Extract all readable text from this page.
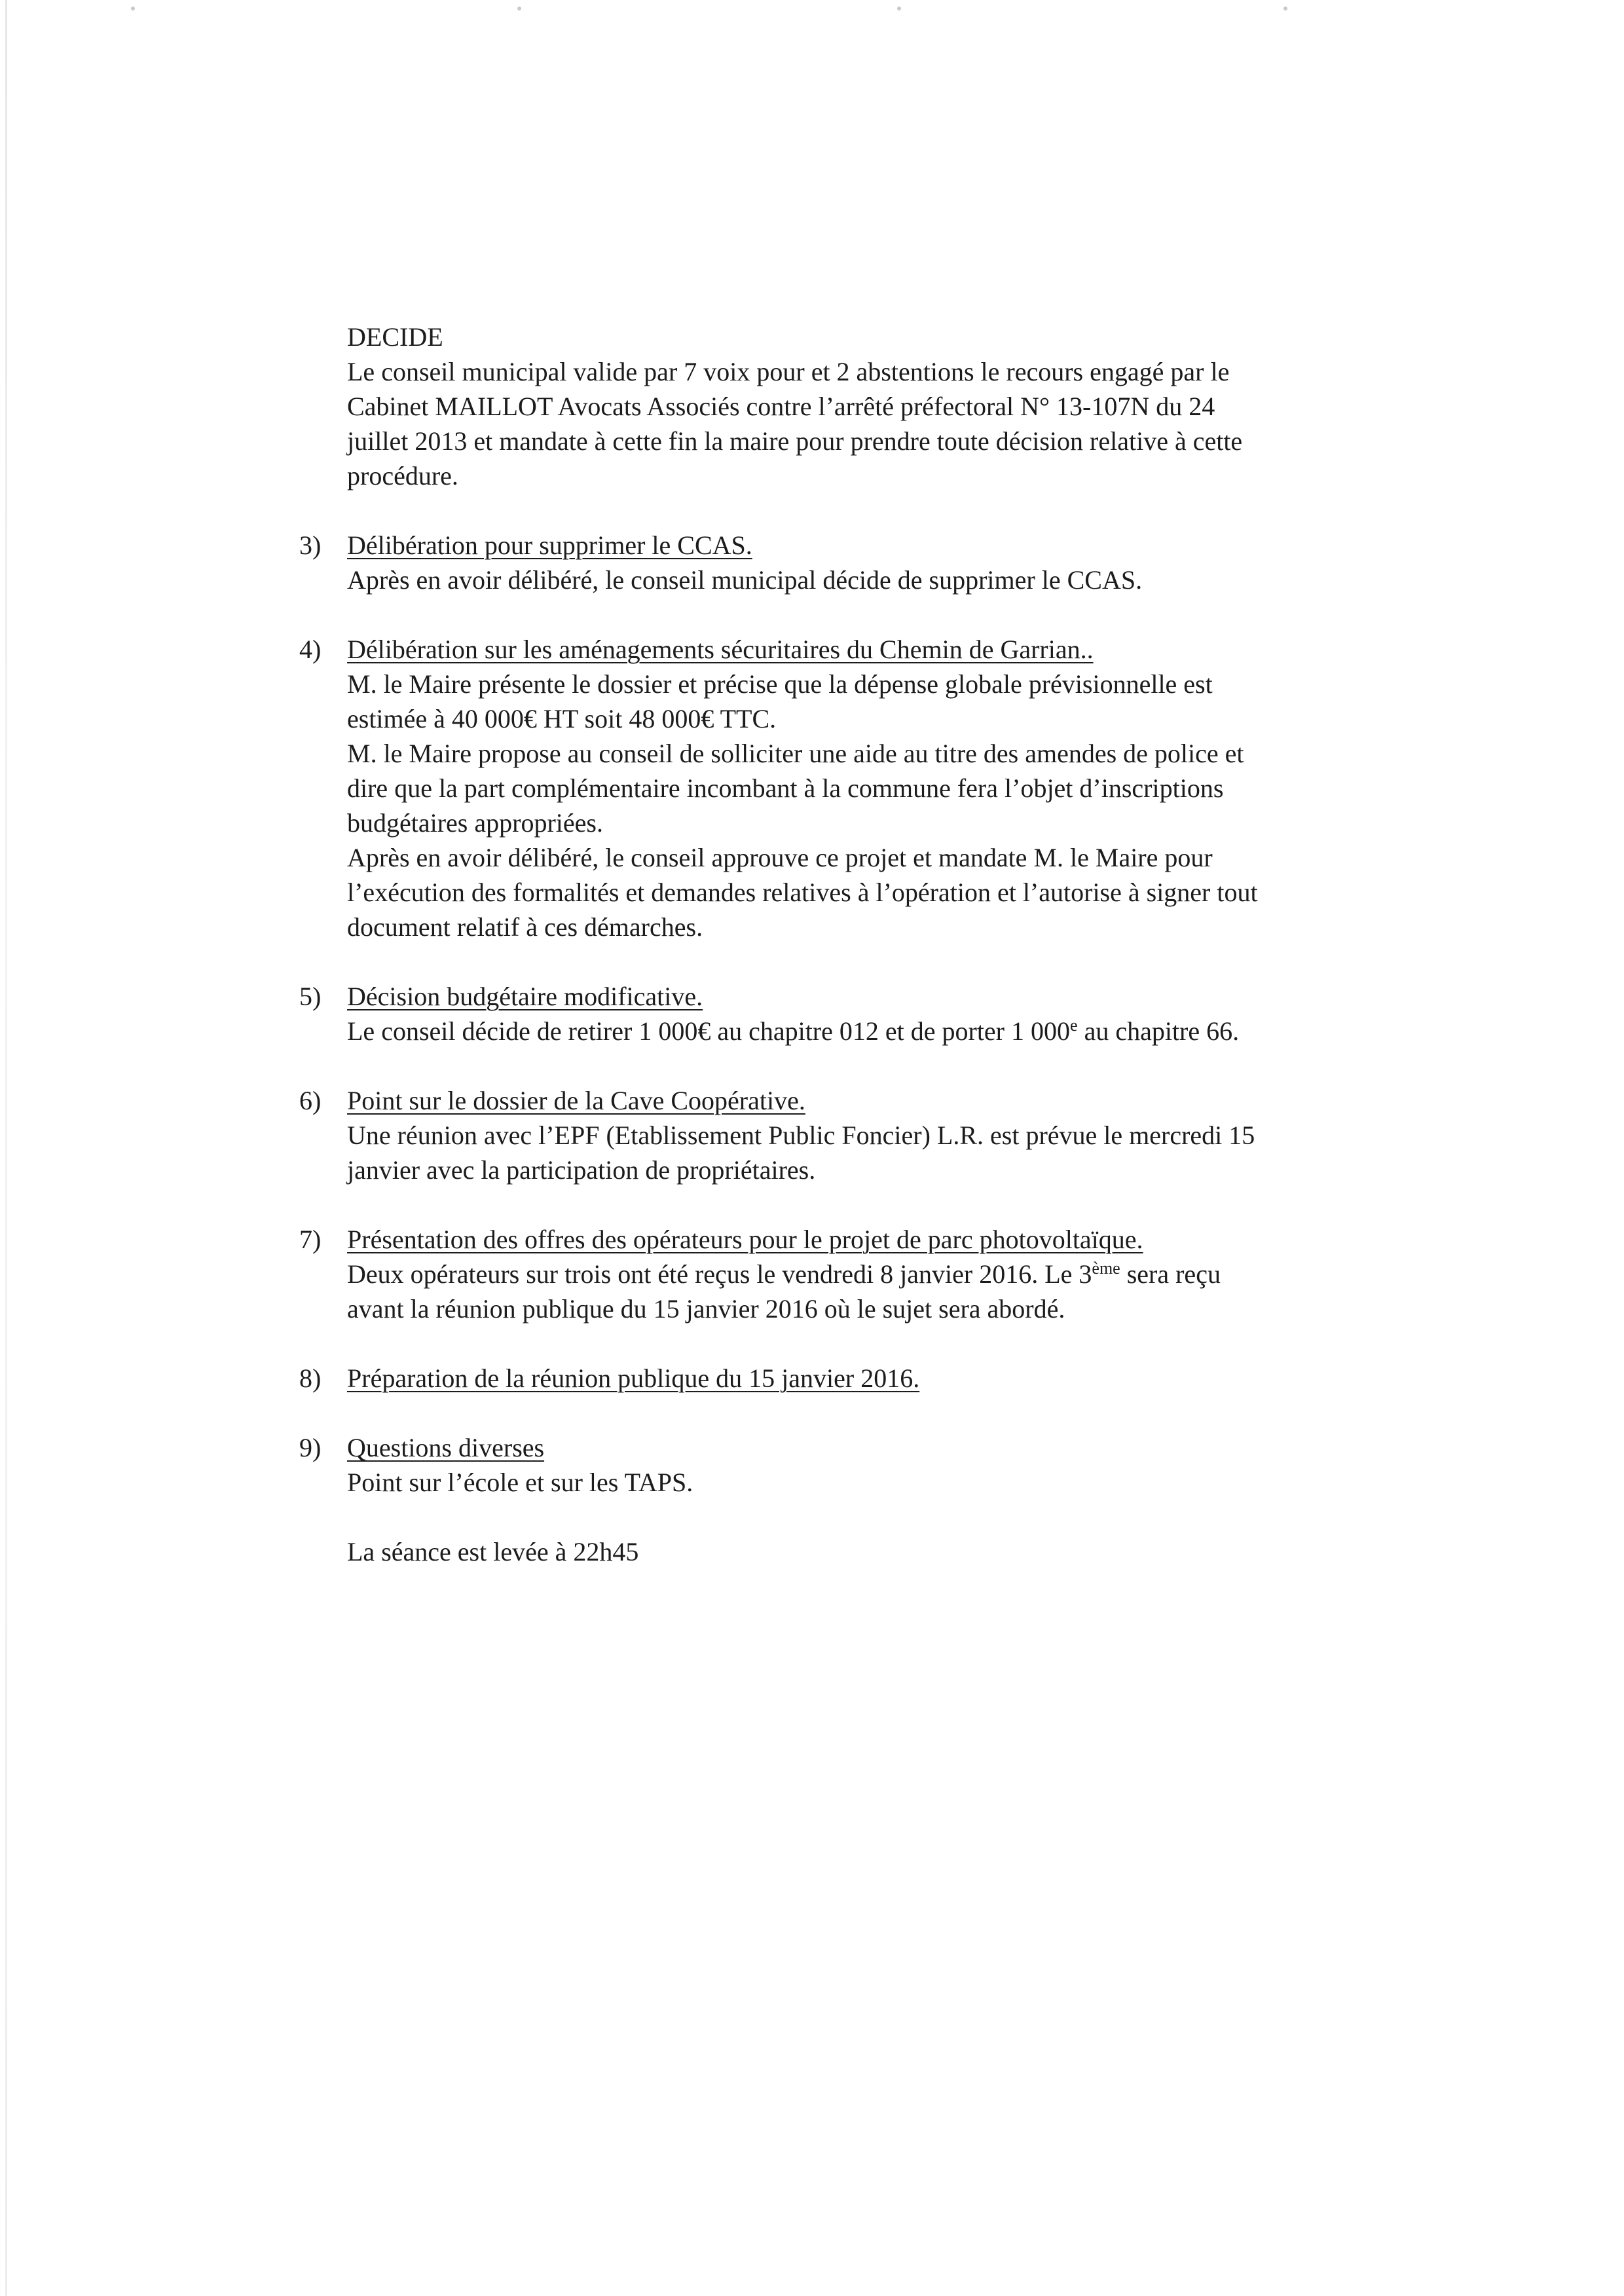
DECIDE
Le conseil municipal valide par 7 voix pour et 2 abstentions le recours engagé par le
Cabinet MAILLOT Avocats Associés contre l’arrêté préfectoral N° 13-107N du 24
juillet 2013 et mandate à cette fin la maire pour prendre toute décision relative à cette
procédure.
3) Délibération pour supprimer le CCAS.
Après en avoir délibéré, le conseil municipal décide de supprimer le CCAS.
4) Délibération sur les aménagements sécuritaires du Chemin de Garrian..
M. le Maire présente le dossier et précise que la dépense globale prévisionnelle est
estimée à 40 000€ HT soit 48 000€ TTC.
M. le Maire propose au conseil de solliciter une aide au titre des amendes de police et
dire que la part complémentaire incombant à la commune fera l’objet d’inscriptions
budgétaires appropriées.
Après en avoir délibéré, le conseil approuve ce projet et mandate M. le Maire pour
l’exécution des formalités et demandes relatives à l’opération et l’autorise à signer tout
document relatif à ces démarches.
5) Décision budgétaire modificative.
Le conseil décide de retirer 1 000€ au chapitre 012 et de porter 1 000e au chapitre 66.
6) Point sur le dossier de la Cave Coopérative.
Une réunion avec l’EPF (Etablissement Public Foncier) L.R. est prévue le mercredi 15
janvier avec la participation de propriétaires.
7) Présentation des offres des opérateurs pour le projet de parc photovoltaïque.
Deux opérateurs sur trois ont été reçus le vendredi 8 janvier 2016. Le 3ème sera reçu
avant la réunion publique du 15 janvier 2016 où le sujet sera abordé.
8) Préparation de la réunion publique du 15 janvier 2016.
9) Questions diverses
Point sur l’école et sur les TAPS.
La séance est levée à 22h45
